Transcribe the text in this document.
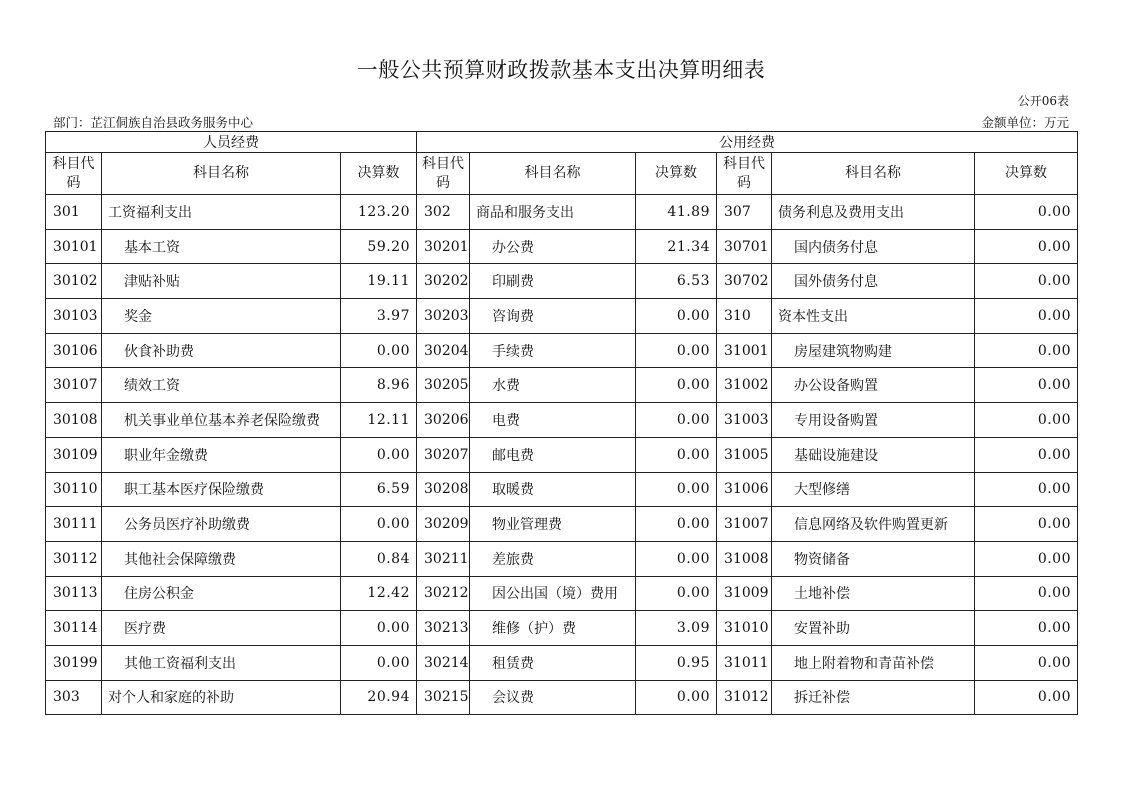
一般公共预算财政拨款基本支出决算明细表
公开06表
部门：芷江侗族自治县政务服务中心	金额单位：万元
人员经费			公用经费					
科目代码	科目名称	决算数	科目代码	科目名称	决算数	科目代码	科目名称	决算数
301	工资福利支出	123.20	302	商品和服务支出	41.89	307	债务利息及费用支出	0.00
30101	基本工资	59.20	30201	办公费	21.34	30701	国内债务付息	0.00
30102	津贴补贴	19.11	30202	印刷费	6.53	30702	国外债务付息	0.00
30103	奖金	3.97	30203	咨询费	0.00	310	资本性支出	0.00
30106	伙食补助费	0.00	30204	手续费	0.00	31001	房屋建筑物购建	0.00
30107	绩效工资	8.96	30205	水费	0.00	31002	办公设备购置	0.00
30108	机关事业单位基本养老保险缴费	12.11	30206	电费	0.00	31003	专用设备购置	0.00
30109	职业年金缴费	0.00	30207	邮电费	0.00	31005	基础设施建设	0.00
30110	职工基本医疗保险缴费	6.59	30208	取暖费	0.00	31006	大型修缮	0.00
30111	公务员医疗补助缴费	0.00	30209	物业管理费	0.00	31007	信息网络及软件购置更新	0.00
30112	其他社会保障缴费	0.84	30211	差旅费	0.00	31008	物资储备	0.00
30113	住房公积金	12.42	30212	因公出国（境）费用	0.00	31009	土地补偿	0.00
30114	医疗费	0.00	30213	维修（护）费	3.09	31010	安置补助	0.00
30199	其他工资福利支出	0.00	30214	租赁费	0.95	31011	地上附着物和青苗补偿	0.00
303	对个人和家庭的补助	20.94	30215	会议费	0.00	31012	拆迁补偿	0.00
